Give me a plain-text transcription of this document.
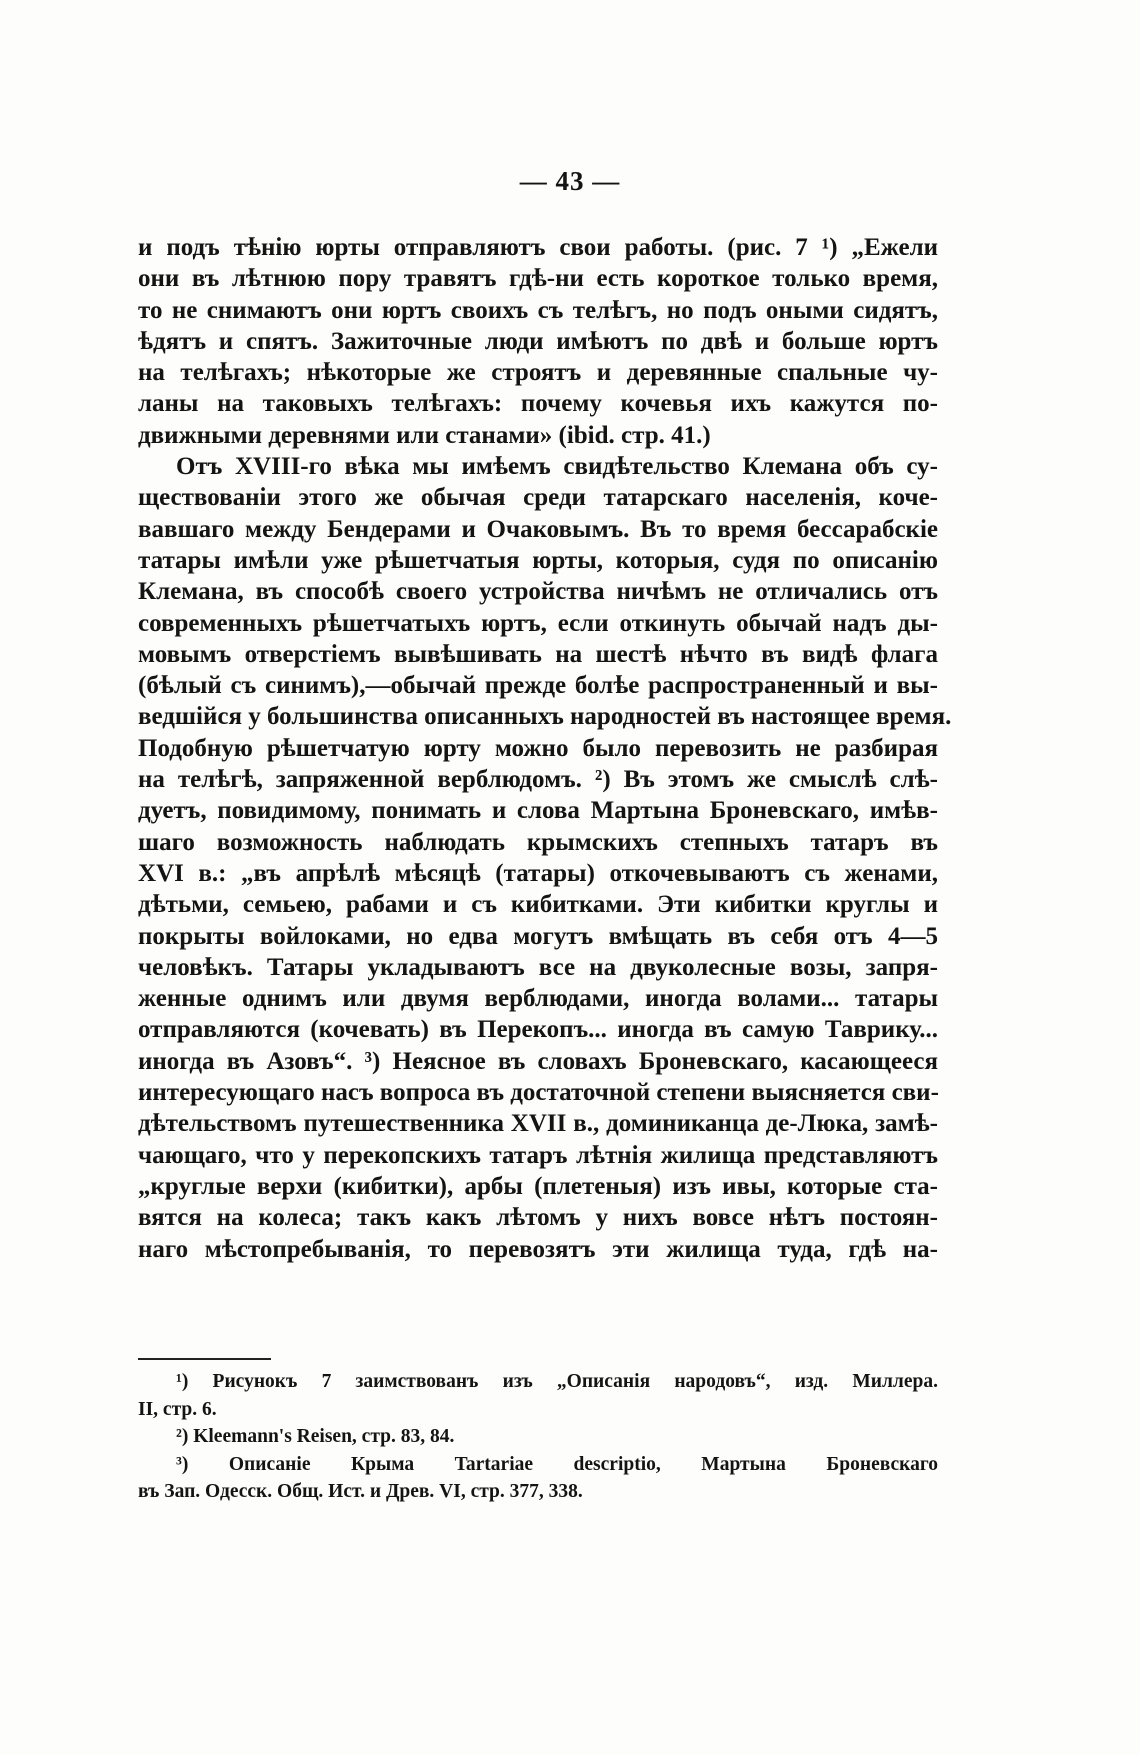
— 43 —
и подъ тѣнію юрты отправляютъ свои работы. (рис. 7 ¹) „Ежели
они въ лѣтнюю пору травятъ гдѣ-ни есть короткое только время,
то не снимаютъ они юртъ своихъ съ телѣгъ, но подъ оными сидятъ,
ѣдятъ и спятъ. Зажиточные люди имѣютъ по двѣ и больше юртъ
на телѣгахъ; нѣкоторые же строятъ и деревянные спальные чу-
ланы на таковыхъ телѣгахъ: почему кочевья ихъ кажутся по-
движными деревнями или станами» (ibid. стр. 41.)
Отъ XVIII-го вѣка мы имѣемъ свидѣтельство Клемана объ су-
ществованіи этого же обычая среди татарскаго населенія, коче-
вавшаго между Бендерами и Очаковымъ. Въ то время бессарабскіе
татары имѣли уже рѣшетчатыя юрты, которыя, судя по описанію
Клемана, въ способѣ своего устройства ничѣмъ не отличались отъ
современныхъ рѣшетчатыхъ юртъ, если откинуть обычай надъ ды-
мовымъ отверстіемъ вывѣшивать на шестѣ нѣчто въ видѣ флага
(бѣлый съ синимъ),—обычай прежде болѣе распространенный и вы-
ведшійся у большинства описанныхъ народностей въ настоящее время.
Подобную рѣшетчатую юрту можно было перевозить не разбирая
на телѣгѣ, запряженной верблюдомъ. ²) Въ этомъ же смыслѣ слѣ-
дуетъ, повидимому, понимать и слова Мартына Броневскаго, имѣв-
шаго возможность наблюдать крымскихъ степныхъ татаръ въ
XVI в.: „въ апрѣлѣ мѣсяцѣ (татары) откочевываютъ съ женами,
дѣтьми, семьею, рабами и съ кибитками. Эти кибитки круглы и
покрыты войлоками, но едва могутъ вмѣщать въ себя отъ 4—5
человѣкъ. Татары укладываютъ все на двуколесные возы, запря-
женные однимъ или двумя верблюдами, иногда волами... татары
отправляются (кочевать) въ Перекопъ... иногда въ самую Таврику...
иногда въ Азовъ“. ³) Неясное въ словахъ Броневскаго, касающееся
интересующаго насъ вопроса въ достаточной степени выясняется сви-
дѣтельствомъ путешественника XVII в., доминиканца де-Люка, замѣ-
чающаго, что у перекопскихъ татаръ лѣтнія жилища представляютъ
„круглые верхи (кибитки), арбы (плетеныя) изъ ивы, которые ста-
вятся на колеса; такъ какъ лѣтомъ у нихъ вовсе нѣтъ постоян-
наго мѣстопребыванія, то перевозятъ эти жилища туда, гдѣ на-
¹) Рисунокъ 7 заимствованъ изъ „Описанія народовъ“, изд. Миллера.
II, стр. 6.
²) Kleemann's Reisen, стр. 83, 84.
³) Описаніе Крыма Tartariae descriptio, Мартына Броневскаго
въ Зап. Одесск. Общ. Ист. и Древ. VI, стр. 377, 338.
